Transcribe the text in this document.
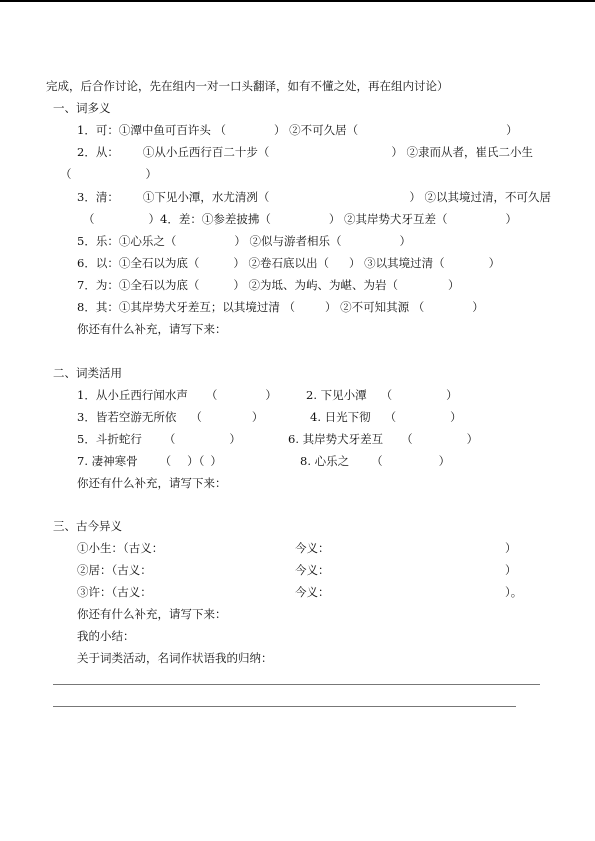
完成，后合作讨论，先在组内一对一口头翻译，如有不懂之处，再在组内讨论）
一、词多义
1．可：①潭中鱼可百许头 （	） ②不可久居（	）
2．从： ①从小丘西行百二十步（	） ②隶而从者，崔氏二小生
（	）
3．清： ①下见小潭，水尤清冽（	） ②以其境过清，不可久居
（	）4．差：①参差披拂（	） ②其岸势犬牙互差（	）
5．乐：①心乐之（	） ②似与游者相乐（	）
6．以：①全石以为底（	） ②卷石底以出（ ） ③以其境过清（	）
7．为：①全石以为底（	） ②为坻、为屿、为嵁、为岩（	）
8．其：①其岸势犬牙差互；以其境过清 （	） ②不可知其源 （	）
你还有什么补充，请写下来：
二、词类活用
1．从小丘西行闻水声 （	）	2. 下见小潭 （	）
3．皆若空游无所依 （	）	4. 日光下彻 （	）
5．斗折蛇行 （	）	6. 其岸势犬牙差互 （	）
7. 凄神寒骨 （ ）（ ）	8. 心乐之 （	）
你还有什么补充，请写下来：
三、古今异义
①小生：（古义：	今义：	）
②居：（古义：	今义：	）
③许：（古义：	今义：	）。
你还有什么补充，请写下来：
我的小结：
关于词类活动，名词作状语我的归纳：
